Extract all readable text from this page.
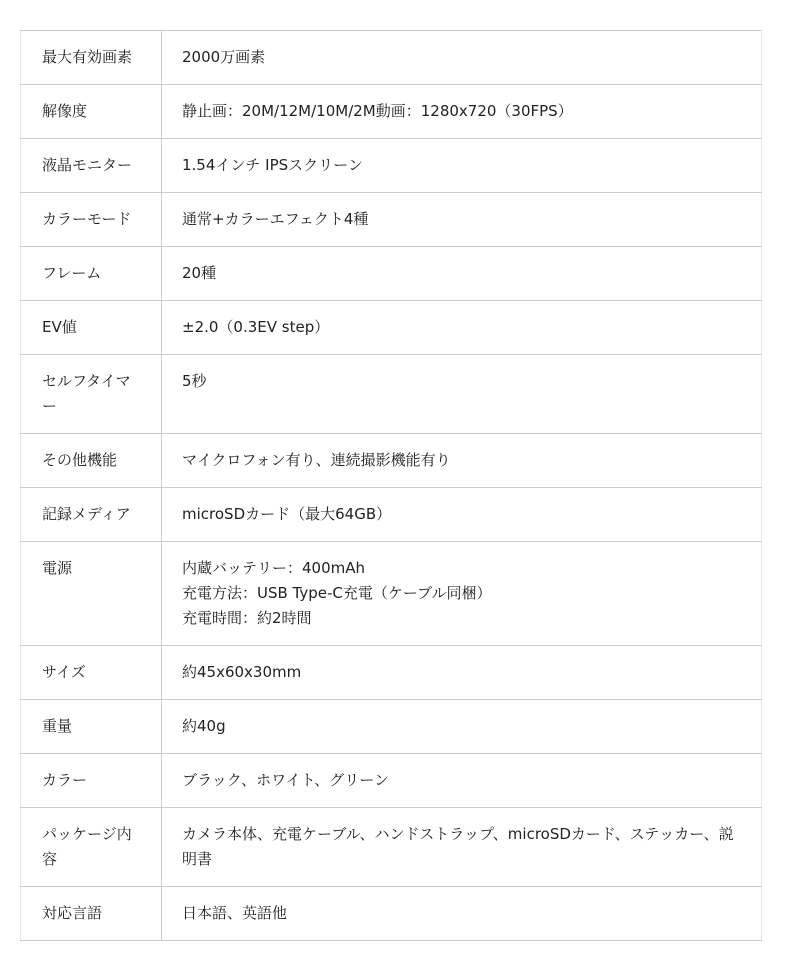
最大有効画素	2000万画素
解像度	静止画：20M/12M/10M/2M動画：1280x720（30FPS）
液晶モニター	1.54インチ IPSスクリーン
カラーモード	通常+カラーエフェクト4種
フレーム	20種
EV値	±2.0（0.3EV step）
セルフタイマー	5秒
その他機能	マイクロフォン有り、連続撮影機能有り
記録メディア	microSDカード（最大64GB）
電源	内蔵バッテリー：400mAh
充電方法：USB Type-C充電（ケーブル同梱）
充電時間：約2時間
サイズ	約45x60x30mm
重量	約40g
カラー	ブラック、ホワイト、グリーン
パッケージ内容	カメラ本体、充電ケーブル、ハンドストラップ、microSDカード、ステッカー、説明書
対応言語	日本語、英語他
